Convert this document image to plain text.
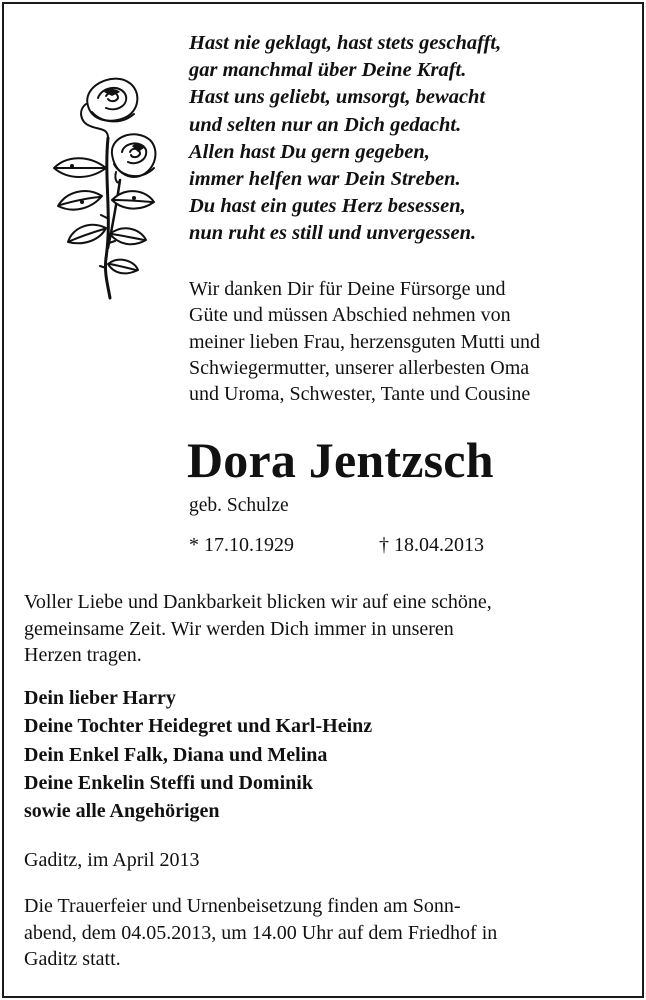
Hast nie geklagt, hast stets geschafft,
gar manchmal über Deine Kraft.
Hast uns geliebt, umsorgt, bewacht
und selten nur an Dich gedacht.
Allen hast Du gern gegeben,
immer helfen war Dein Streben.
Du hast ein gutes Herz besessen,
nun ruht es still und unvergessen.
Wir danken Dir für Deine Fürsorge und
Güte und müssen Abschied nehmen von
meiner lieben Frau, herzensguten Mutti und
Schwiegermutter, unserer allerbesten Oma
und Uroma, Schwester, Tante und Cousine
Dora Jentzsch
geb. Schulze
* 17.10.1929	† 18.04.2013
Voller Liebe und Dankbarkeit blicken wir auf eine schöne,
gemeinsame Zeit. Wir werden Dich immer in unseren
Herzen tragen.
Dein lieber Harry
Deine Tochter Heidegret und Karl-Heinz
Dein Enkel Falk, Diana und Melina
Deine Enkelin Steffi und Dominik
sowie alle Angehörigen
Gaditz, im April 2013
Die Trauerfeier und Urnenbeisetzung finden am Sonn-
abend, dem 04.05.2013, um 14.00 Uhr auf dem Friedhof in
Gaditz statt.
